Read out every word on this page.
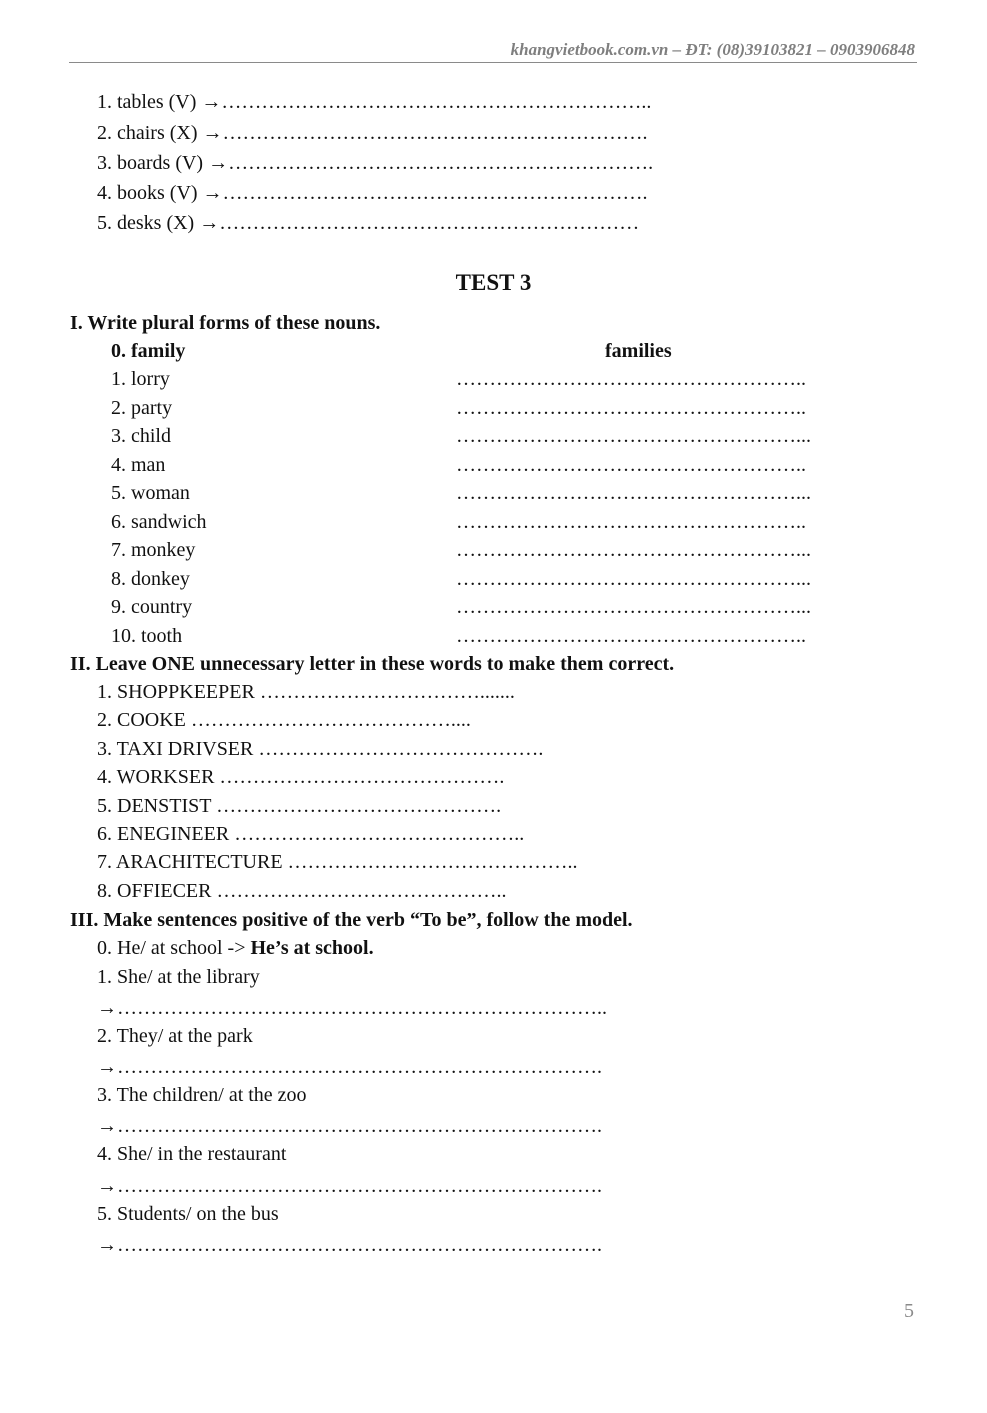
khangvietbook.com.vn – ĐT: (08)39103821 – 0903906848
1. tables (V) →………………………………………………………..
2. chairs (X) →……………………………………………………….
3. boards (V) →……………………………………………………….
4. books (V) →……………………………………………………….
5. desks (X) →………………………………………………………
TEST 3
I. Write plural forms of these nouns.
0. family	families
1. lorry	……………………………………………..
2. party	……………………………………………..
3. child	……………………………………………...
4. man	……………………………………………..
5. woman	……………………………………………...
6. sandwich	……………………………………………..
7. monkey	……………………………………………...
8. donkey	……………………………………………...
9. country	……………………………………………...
10. tooth	……………………………………………..
II. Leave ONE unnecessary letter in these words to make them correct.
1. SHOPPKEEPER …………………………….......
2. COOKE …………………………………....
3. TAXI DRIVSER …………………………………….
4. WORKSER …………………………………….
5. DENSTIST …………………………………….
6. ENEGINEER ……………………………………..
7. ARACHITECTURE ……………………………………..
8. OFFIECER ……………………………………..
III. Make sentences positive of the verb “To be”, follow the model.
0. He/ at school -> He’s at school.
1. She/ at the library
→………………………………………………………………..
2. They/ at the park
→……………………………………………………………….
3. The children/ at the zoo
→……………………………………………………………….
4. She/ in the restaurant
→……………………………………………………………….
5. Students/ on the bus
→……………………………………………………………….
5
